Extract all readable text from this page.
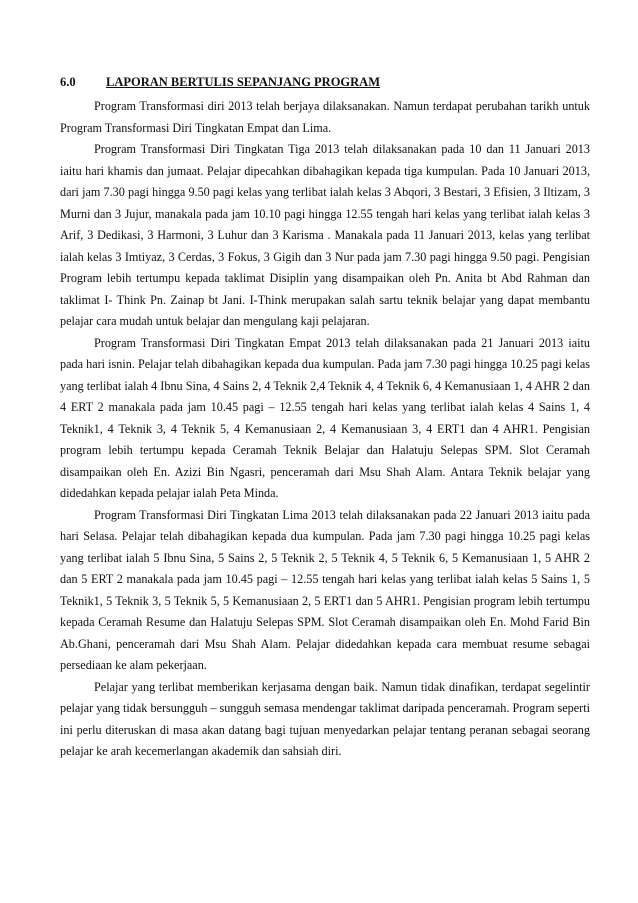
6.0 LAPORAN BERTULIS SEPANJANG PROGRAM

Program Transformasi diri 2013 telah berjaya dilaksanakan. Namun terdapat perubahan tarikh untuk Program Transformasi Diri Tingkatan Empat dan Lima.

Program Transformasi Diri Tingkatan Tiga 2013 telah dilaksanakan pada 10 dan 11 Januari 2013 iaitu hari khamis dan jumaat. Pelajar dipecahkan dibahagikan kepada tiga kumpulan. Pada 10 Januari 2013, dari jam 7.30 pagi hingga 9.50 pagi kelas yang terlibat ialah kelas 3 Abqori, 3 Bestari, 3 Efisien, 3 Iltizam, 3 Murni dan 3 Jujur, manakala pada jam 10.10 pagi hingga 12.55 tengah hari kelas yang terlibat ialah kelas 3 Arif, 3 Dedikasi, 3 Harmoni, 3 Luhur dan 3 Karisma . Manakala pada 11 Januari 2013, kelas yang terlibat ialah kelas 3 Imtiyaz, 3 Cerdas, 3 Fokus, 3 Gigih dan 3 Nur pada jam 7.30 pagi hingga 9.50 pagi. Pengisian Program lebih tertumpu kepada taklimat Disiplin yang disampaikan oleh Pn. Anita bt Abd Rahman dan taklimat I- Think Pn. Zainap bt Jani. I-Think merupakan salah sartu teknik belajar yang dapat membantu pelajar cara mudah untuk belajar dan mengulang kaji pelajaran.

Program Transformasi Diri Tingkatan Empat 2013 telah dilaksanakan pada 21 Januari 2013 iaitu pada hari isnin. Pelajar telah dibahagikan kepada dua kumpulan. Pada jam 7.30 pagi hingga 10.25 pagi kelas yang terlibat ialah 4 Ibnu Sina, 4 Sains 2, 4 Teknik 2,4 Teknik 4, 4 Teknik 6, 4 Kemanusiaan 1, 4 AHR 2 dan 4 ERT 2 manakala pada jam 10.45 pagi – 12.55 tengah hari kelas yang terlibat ialah kelas 4 Sains 1, 4 Teknik1, 4 Teknik 3, 4 Teknik 5, 4 Kemanusiaan 2, 4 Kemanusiaan 3, 4 ERT1 dan 4 AHR1. Pengisian program lebih tertumpu kepada Ceramah Teknik Belajar dan Halatuju Selepas SPM. Slot Ceramah disampaikan oleh En. Azizi Bin Ngasri, penceramah dari Msu Shah Alam. Antara Teknik belajar yang didedahkan kepada pelajar ialah Peta Minda.

Program Transformasi Diri Tingkatan Lima 2013 telah dilaksanakan pada 22 Januari 2013 iaitu pada hari Selasa. Pelajar telah dibahagikan kepada dua kumpulan. Pada jam 7.30 pagi hingga 10.25 pagi kelas yang terlibat ialah 5 Ibnu Sina, 5 Sains 2, 5 Teknik 2, 5 Teknik 4, 5 Teknik 6, 5 Kemanusiaan 1, 5 AHR 2 dan 5 ERT 2 manakala pada jam 10.45 pagi – 12.55 tengah hari kelas yang terlibat ialah kelas 5 Sains 1, 5 Teknik1, 5 Teknik 3, 5 Teknik 5, 5 Kemanusiaan 2, 5 ERT1 dan 5 AHR1. Pengisian program lebih tertumpu kepada Ceramah Resume dan Halatuju Selepas SPM. Slot Ceramah disampaikan oleh En. Mohd Farid Bin Ab.Ghani, penceramah dari Msu Shah Alam. Pelajar didedahkan kepada cara membuat resume sebagai persediaan ke alam pekerjaan.

Pelajar yang terlibat memberikan kerjasama dengan baik. Namun tidak dinafikan, terdapat segelintir pelajar yang tidak bersungguh – sungguh semasa mendengar taklimat daripada penceramah. Program seperti ini perlu diteruskan di masa akan datang bagi tujuan menyedarkan pelajar tentang peranan sebagai seorang pelajar ke arah kecemerlangan akademik dan sahsiah diri.
